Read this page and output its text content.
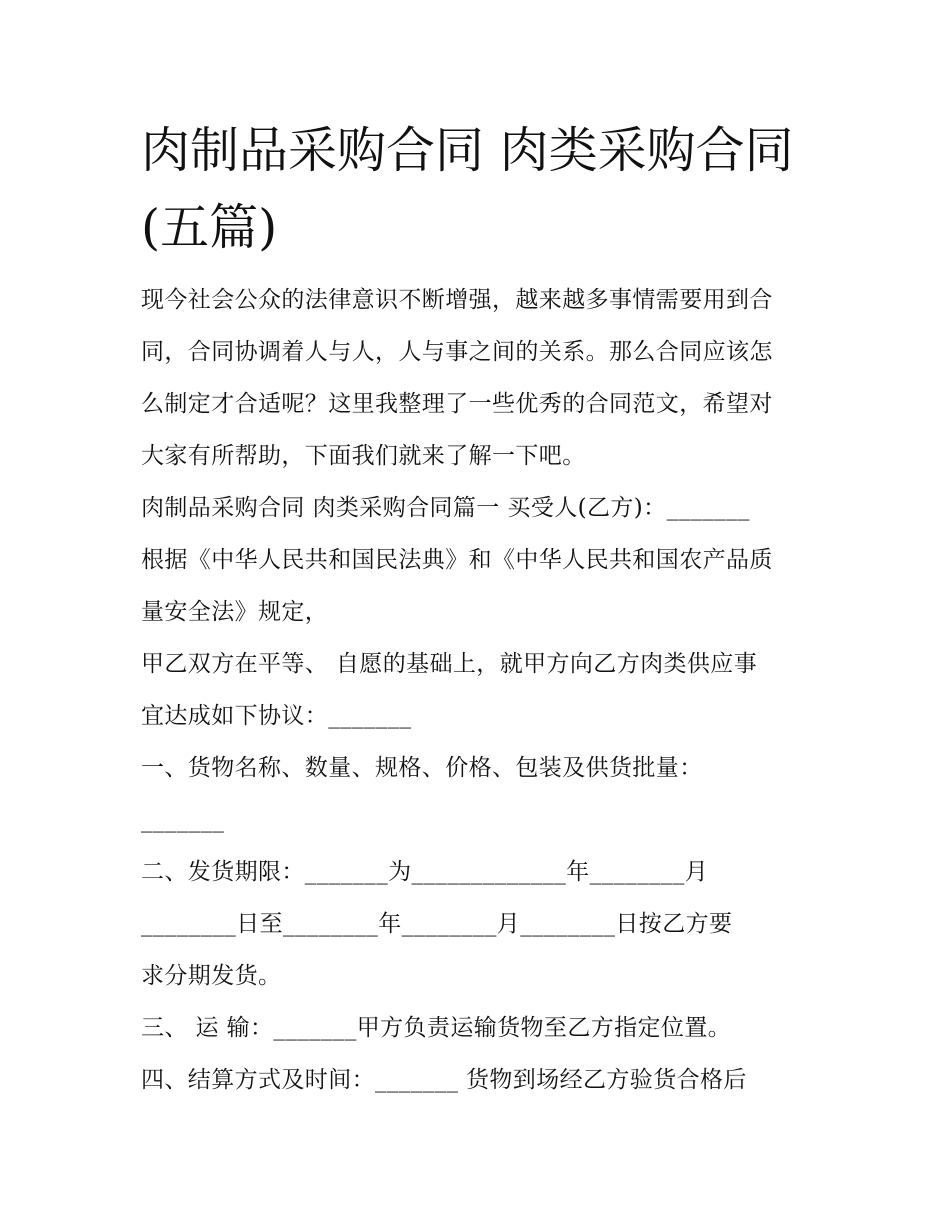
肉制品采购合同 肉类采购合同
(五篇)
现今社会公众的法律意识不断增强，越来越多事情需要用到合
同，合同协调着人与人，人与事之间的关系。那么合同应该怎
么制定才合适呢？这里我整理了一些优秀的合同范文，希望对
大家有所帮助，下面我们就来了解一下吧。
肉制品采购合同 肉类采购合同篇一 买受人(乙方)：_______
根据《中华人民共和国民法典》和《中华人民共和国农产品质
量安全法》规定，
甲乙双方在平等、 自愿的基础上，就甲方向乙方肉类供应事
宜达成如下协议：_______
一、货物名称、数量、规格、价格、包装及供货批量：
_______
二、发货期限：_______为_____________年________月
________日至________年________月________日按乙方要
求分期发货。
三、 运 输：_______甲方负责运输货物至乙方指定位置。
四、结算方式及时间：_______ 货物到场经乙方验货合格后
